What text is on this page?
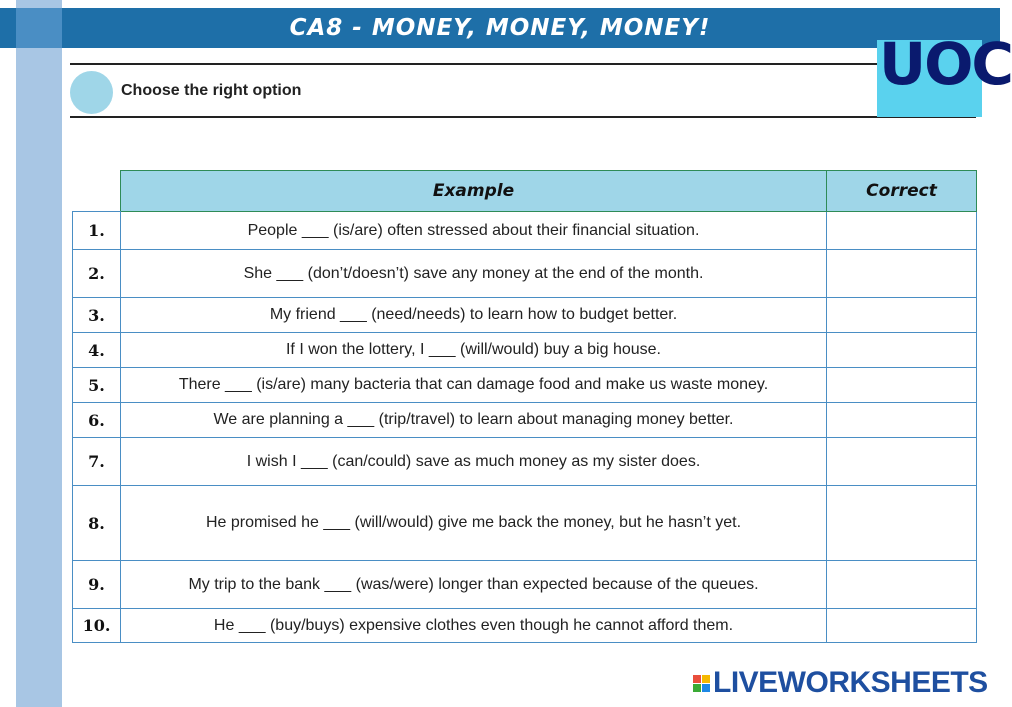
CA8 - MONEY, MONEY, MONEY!
Choose the right option	UOC
	Example	Correct
1.	People ___ (is/are) often stressed about their financial situation.	
2.	She ___ (don’t/doesn’t) save any money at the end of the month.	
3.	My friend ___ (need/needs) to learn how to budget better.	
4.	If I won the lottery, I ___ (will/would) buy a big house.	
5.	There ___ (is/are) many bacteria that can damage food and make us waste money.	
6.	We are planning a ___ (trip/travel) to learn about managing money better.	
7.	I wish I ___ (can/could) save as much money as my sister does.	
8.	He promised he ___ (will/would) give me back the money, but he hasn’t yet.	
9.	My trip to the bank ___ (was/were) longer than expected because of the queues.	
10.	He ___ (buy/buys) expensive clothes even though he cannot afford them.	
LIVEWORKSHEETS
